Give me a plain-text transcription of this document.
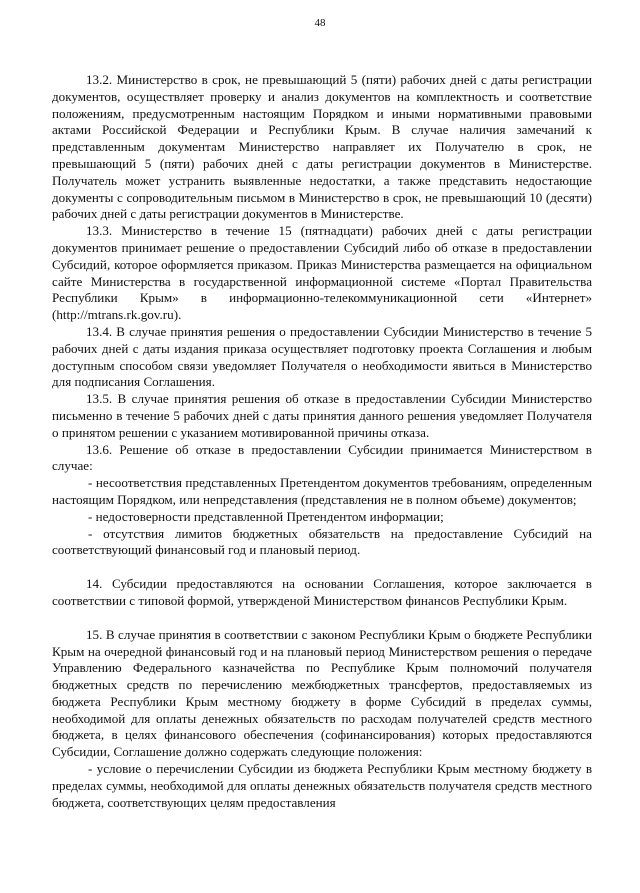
48

13.2. Министерство в срок, не превышающий 5 (пяти) рабочих дней с даты регистрации документов, осуществляет проверку и анализ документов на комплектность и соответствие положениям, предусмотренным настоящим Порядком и иными нормативными правовыми актами Российской Федерации и Республики Крым. В случае наличия замечаний к представленным документам Министерство направляет их Получателю в срок, не превышающий 5 (пяти) рабочих дней с даты регистрации документов в Министерстве. Получатель может устранить выявленные недостатки, а также представить недостающие документы с сопроводительным письмом в Министерство в срок, не превышающий 10 (десяти) рабочих дней с даты регистрации документов в Министерстве.

13.3. Министерство в течение 15 (пятнадцати) рабочих дней с даты регистрации документов принимает решение о предоставлении Субсидий либо об отказе в предоставлении Субсидий, которое оформляется приказом. Приказ Министерства размещается на официальном сайте Министерства в государственной информационной системе «Портал Правительства Республики Крым» в информационно-телекоммуникационной сети «Интернет» (http://mtrans.rk.gov.ru).

13.4. В случае принятия решения о предоставлении Субсидии Министерство в течение 5 рабочих дней с даты издания приказа осуществляет подготовку проекта Соглашения и любым доступным способом связи уведомляет Получателя о необходимости явиться в Министерство для подписания Соглашения.

13.5. В случае принятия решения об отказе в предоставлении Субсидии Министерство письменно в течение 5 рабочих дней с даты принятия данного решения уведомляет Получателя о принятом решении с указанием мотивированной причины отказа.

13.6. Решение об отказе в предоставлении Субсидии принимается Министерством в случае:

- несоответствия представленных Претендентом документов требованиям, определенным настоящим Порядком, или непредставления (представления не в полном объеме) документов;

- недостоверности представленной Претендентом информации;

- отсутствия лимитов бюджетных обязательств на предоставление Субсидий на соответствующий финансовый год и плановый период.

14. Субсидии предоставляются на основании Соглашения, которое заключается в соответствии с типовой формой, утвержденой Министерством финансов Республики Крым.

15. В случае принятия в соответствии с законом Республики Крым о бюджете Республики Крым на очередной финансовый год и на плановый период Министерством решения о передаче Управлению Федерального казначейства по Республике Крым полномочий получателя бюджетных средств по перечислению межбюджетных трансфертов, предоставляемых из бюджета Республики Крым местному бюджету в форме Субсидий в пределах суммы, необходимой для оплаты денежных обязательств по расходам получателей средств местного бюджета, в целях финансового обеспечения (софинансирования) которых предоставляются Субсидии, Соглашение должно содержать следующие положения:

- условие о перечислении Субсидии из бюджета Республики Крым местному бюджету в пределах суммы, необходимой для оплаты денежных обязательств получателя средств местного бюджета, соответствующих целям предоставления
